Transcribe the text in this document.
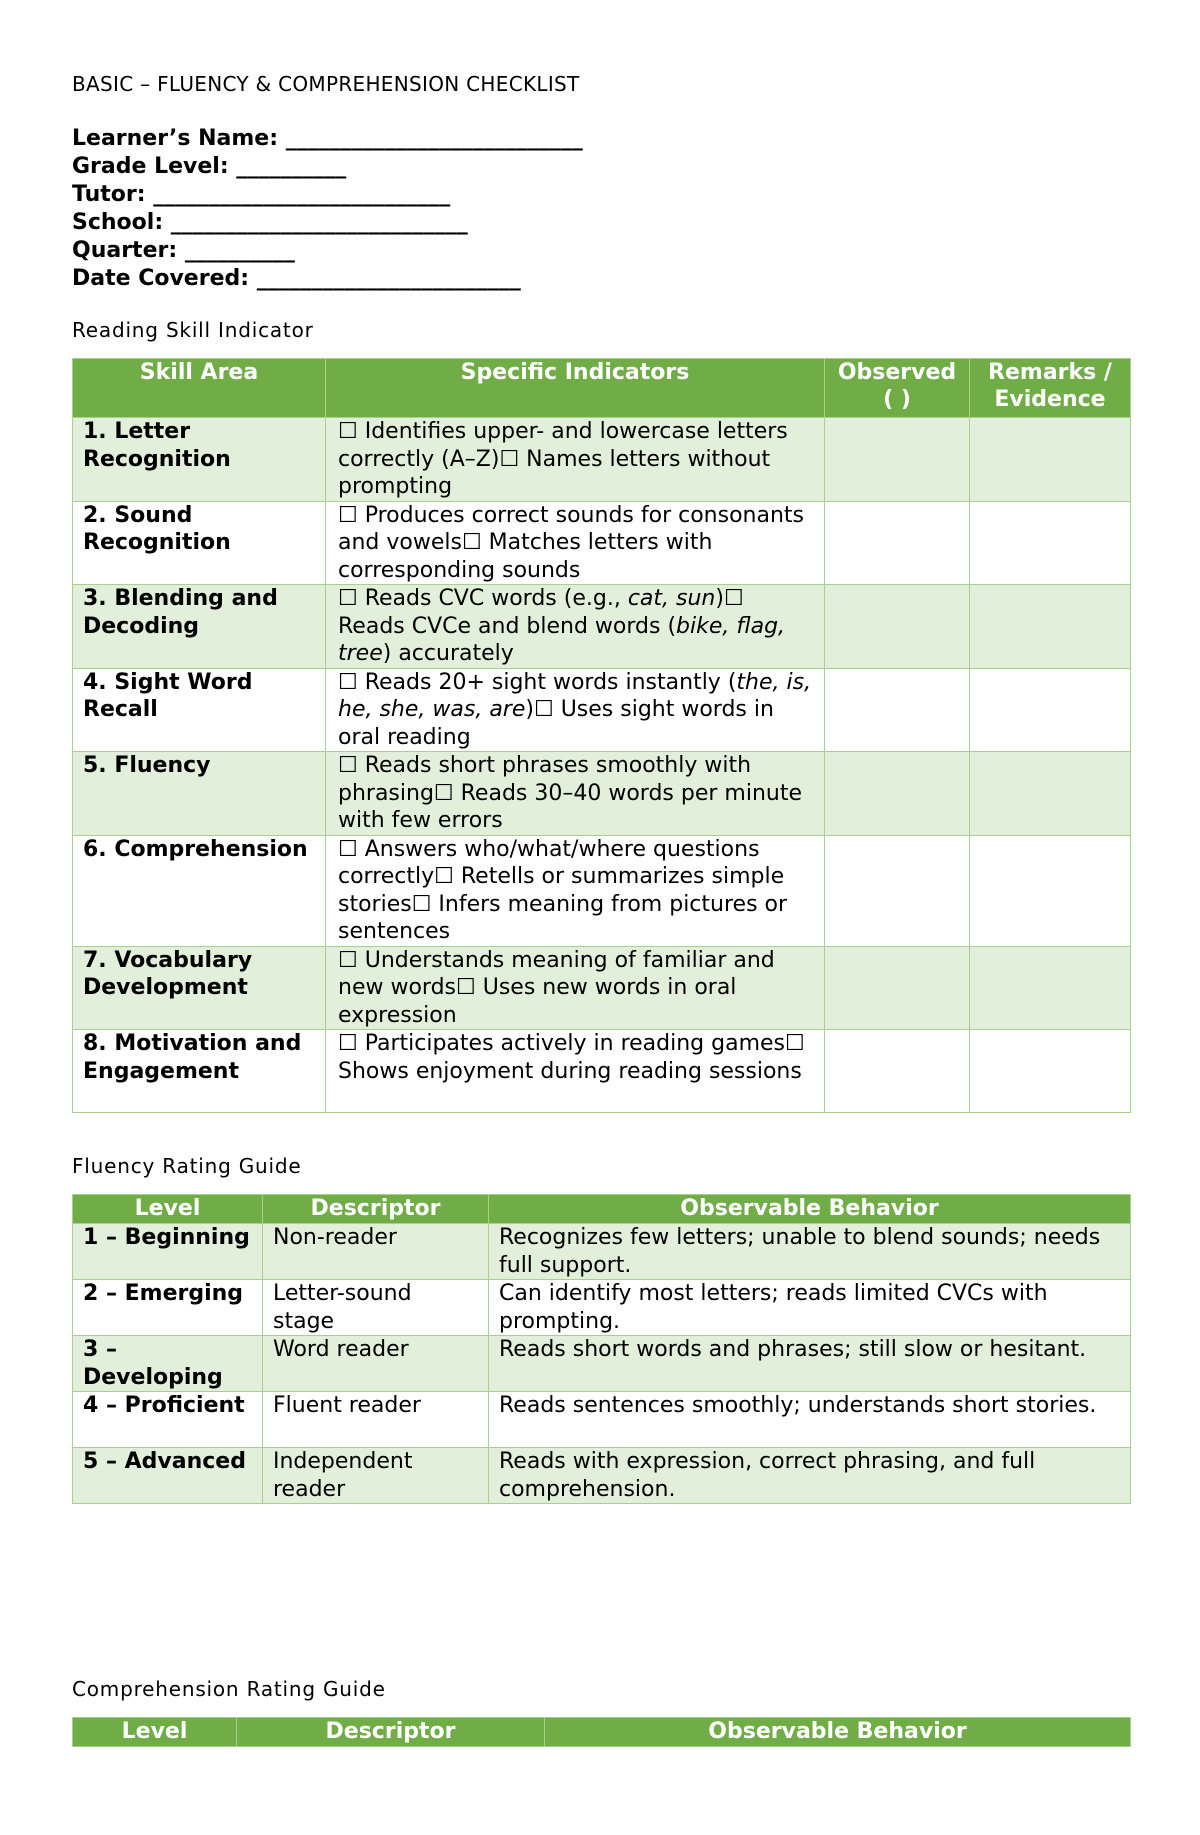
BASIC – FLUENCY & COMPREHENSION CHECKLIST
Learner’s Name: ___________________________
Grade Level: __________
Tutor: ___________________________
School: ___________________________
Quarter: __________
Date Covered: ________________________
Reading Skill Indicator
Skill Area	Specific Indicators	Observed ( )	Remarks / Evidence
1. Letter Recognition	☐ Identifies upper- and lowercase letters correctly (A–Z)☐ Names letters without prompting		
2. Sound Recognition	☐ Produces correct sounds for consonants and vowels☐ Matches letters with corresponding sounds		
3. Blending and Decoding	☐ Reads CVC words (e.g., cat, sun)☐ Reads CVCe and blend words (bike, flag, tree) accurately		
4. Sight Word Recall	☐ Reads 20+ sight words instantly (the, is, he, she, was, are)☐ Uses sight words in oral reading		
5. Fluency	☐ Reads short phrases smoothly with phrasing☐ Reads 30–40 words per minute with few errors		
6. Comprehension	☐ Answers who/what/where questions correctly☐ Retells or summarizes simple stories☐ Infers meaning from pictures or sentences		
7. Vocabulary Development	☐ Understands meaning of familiar and new words☐ Uses new words in oral expression		
8. Motivation and Engagement	☐ Participates actively in reading games☐ Shows enjoyment during reading sessions		
Fluency Rating Guide
Level	Descriptor	Observable Behavior
1 – Beginning	Non-reader	Recognizes few letters; unable to blend sounds; needs full support.
2 – Emerging	Letter-sound stage	Can identify most letters; reads limited CVCs with prompting.
3 – Developing	Word reader	Reads short words and phrases; still slow or hesitant.
4 – Proficient	Fluent reader	Reads sentences smoothly; understands short stories.
5 – Advanced	Independent reader	Reads with expression, correct phrasing, and full comprehension.
Comprehension Rating Guide
Level	Descriptor	Observable Behavior
